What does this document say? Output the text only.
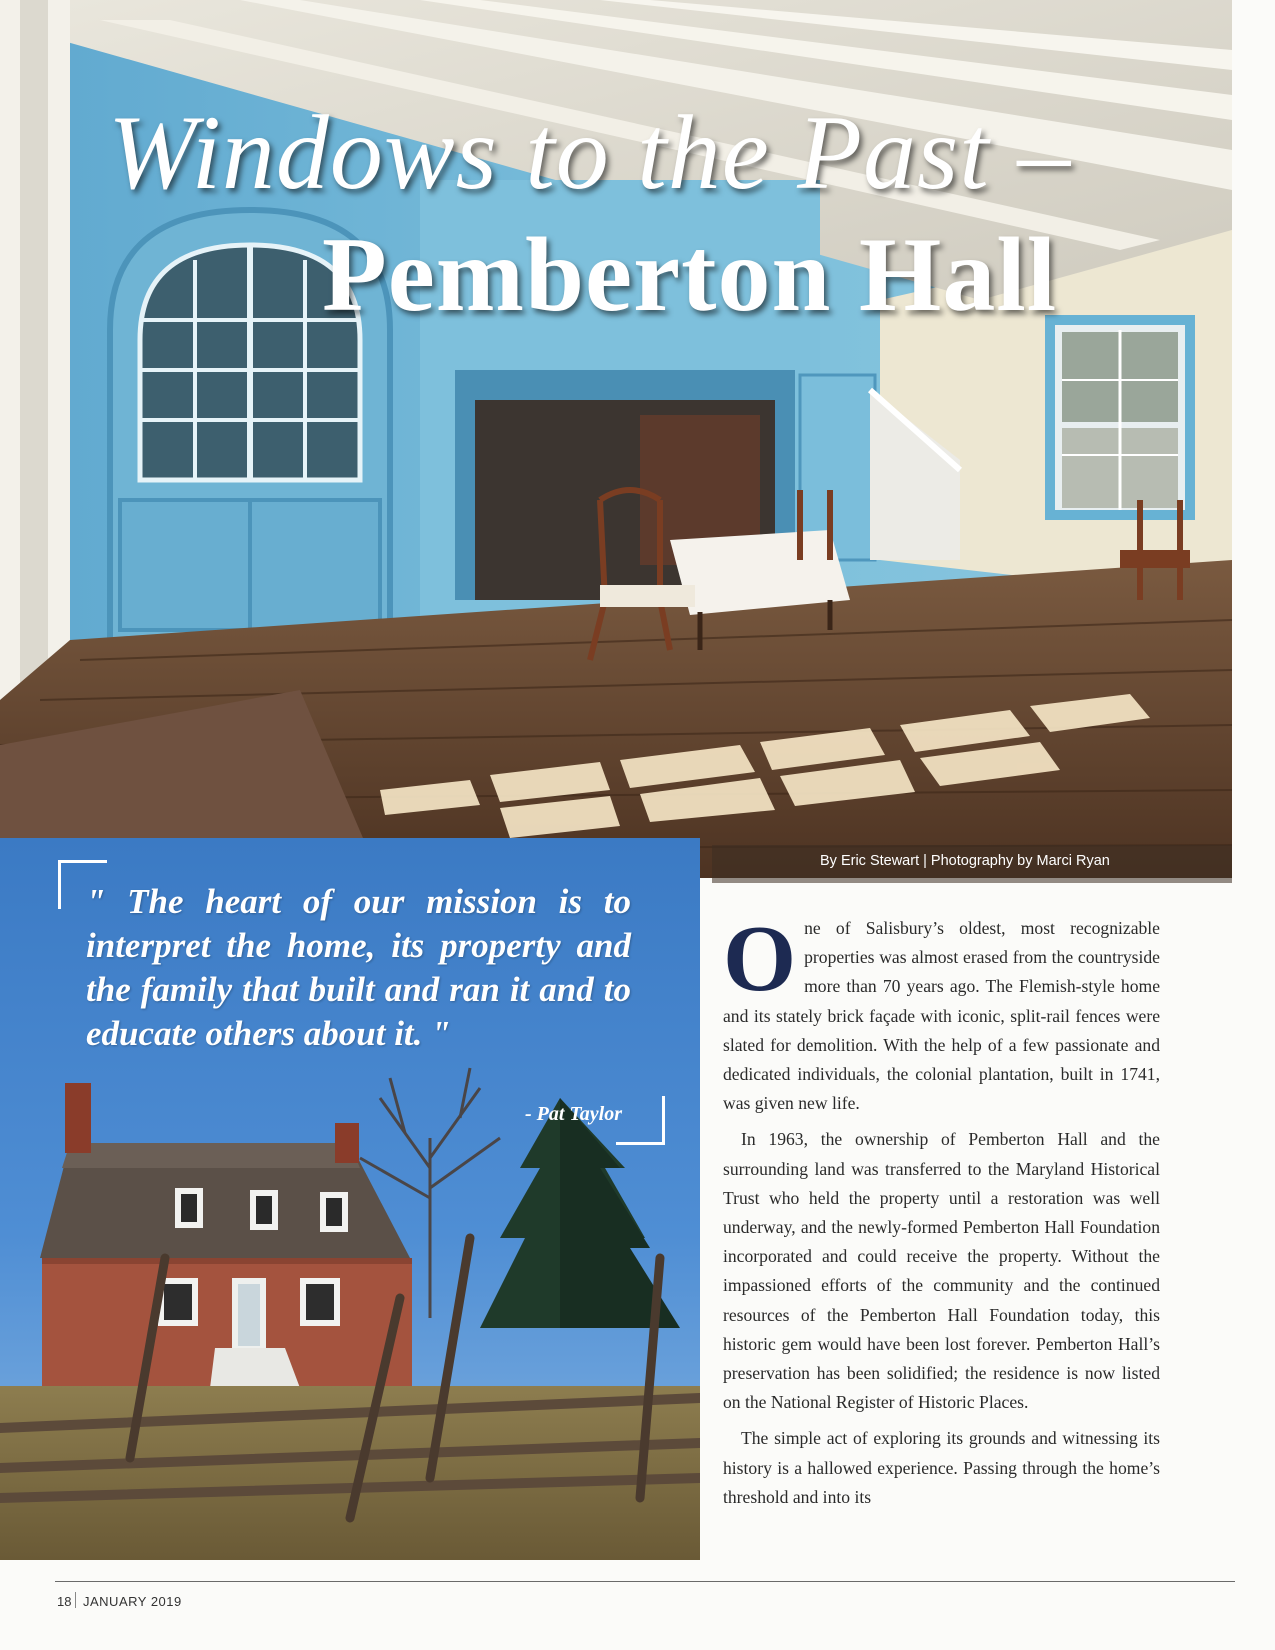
Windows to the Past –
Pemberton Hall

By Eric Stewart | Photography by Marci Ryan

" The heart of our mission is to interpret the home, its property and the family that built and ran it and to educate others about it. "

- Pat Taylor

One of Salisbury’s oldest, most recognizable properties was almost erased from the countryside more than 70 years ago. The Flemish-style home and its stately brick façade with iconic, split-rail fences were slated for demolition. With the help of a few passionate and dedicated individuals, the colonial plantation, built in 1741, was given new life.

In 1963, the ownership of Pemberton Hall and the surrounding land was transferred to the Maryland Historical Trust who held the property until a restoration was well underway, and the newly-formed Pemberton Hall Foundation incorporated and could receive the property. Without the impassioned efforts of the community and the continued resources of the Pemberton Hall Foundation today, this historic gem would have been lost forever. Pemberton Hall’s preservation has been solidified; the residence is now listed on the National Register of Historic Places.

The simple act of exploring its grounds and witnessing its history is a hallowed experience. Passing through the home’s threshold and into its

18 JANUARY 2019
